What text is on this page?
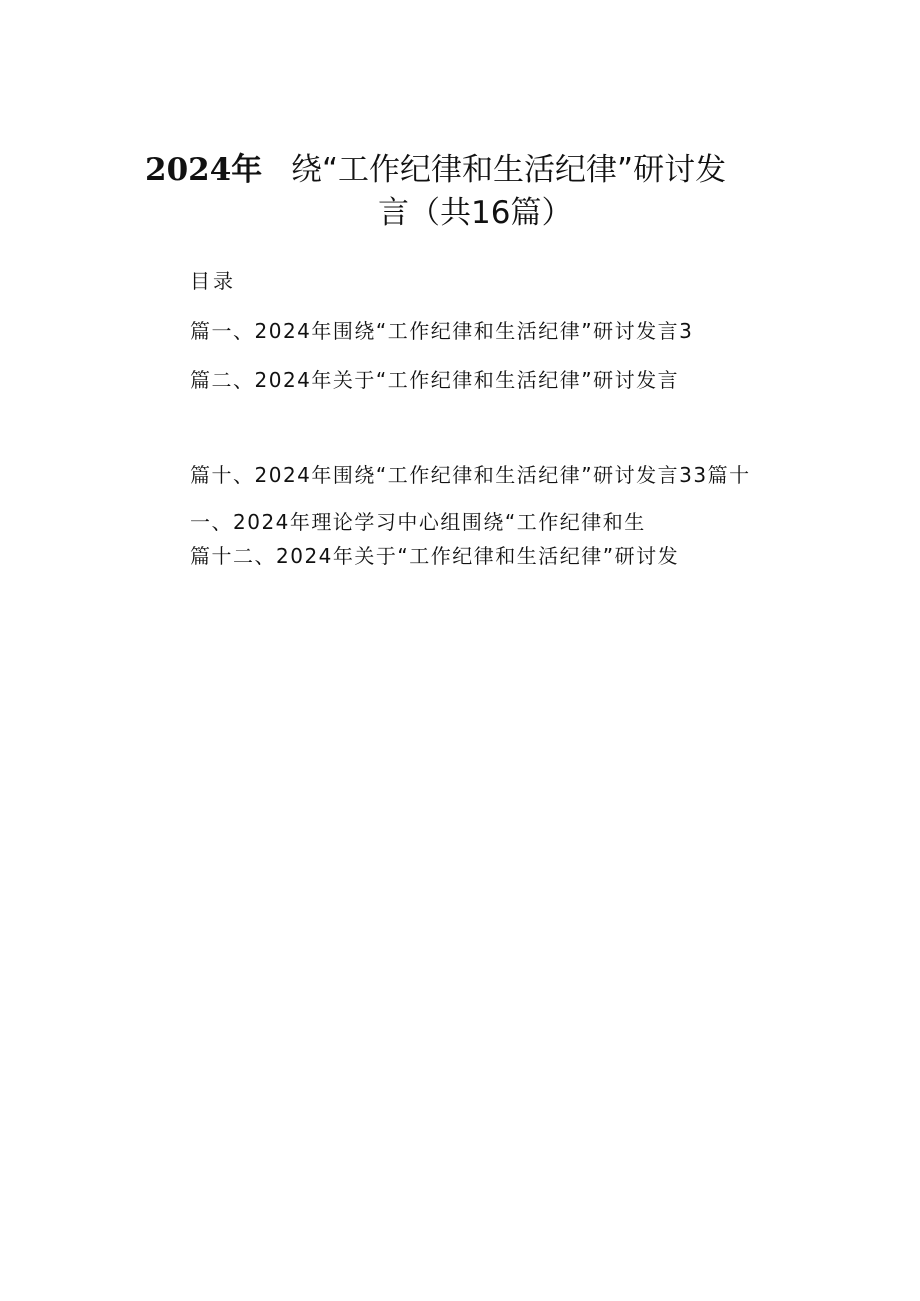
2024年 绕“工作纪律和生活纪律”研讨发
言（共16篇）
目录
篇一、2024年围绕“工作纪律和生活纪律”研讨发言3
篇二、2024年关于“工作纪律和生活纪律”研讨发言
篇十、2024年围绕“工作纪律和生活纪律”研讨发言33篇十
一、2024年理论学习中心组围绕“工作纪律和生
篇十二、2024年关于“工作纪律和生活纪律”研讨发
